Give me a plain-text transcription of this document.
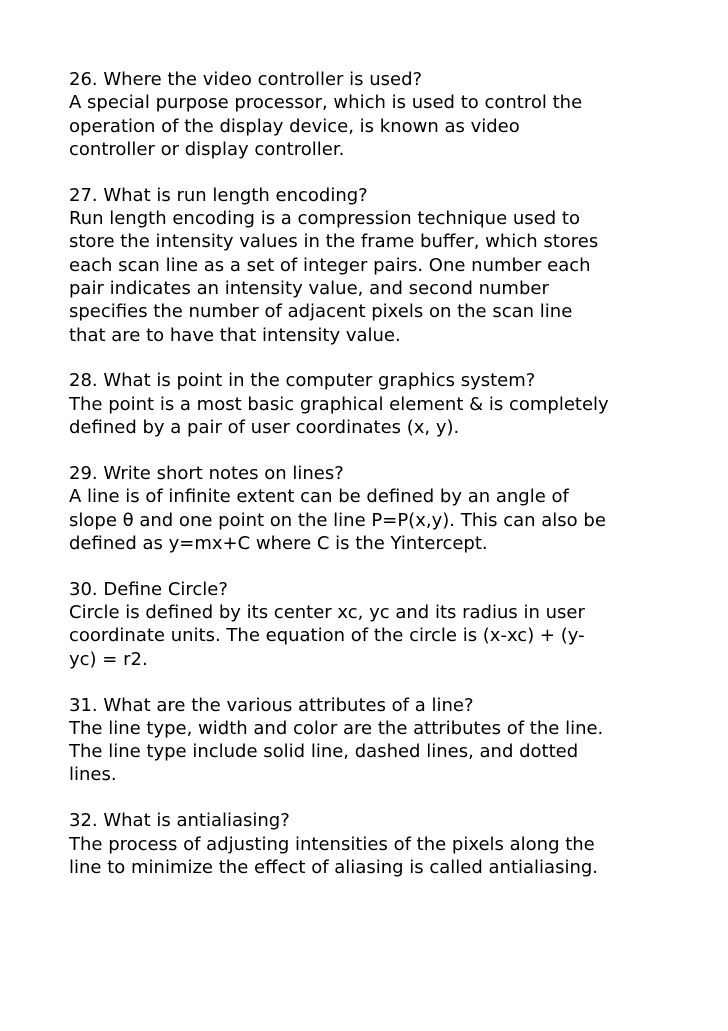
26. Where the video controller is used?

A special purpose processor, which is used to control the
operation of the display device, is known as video
controller or display controller.

27. What is run length encoding?

Run length encoding is a compression technique used to
store the intensity values in the frame buffer, which stores
each scan line as a set of integer pairs. One number each
pair indicates an intensity value, and second number
specifies the number of adjacent pixels on the scan line
that are to have that intensity value.

28. What is point in the computer graphics system?

The point is a most basic graphical element & is completely
defined by a pair of user coordinates (x, y).

29. Write short notes on lines?

A line is of infinite extent can be defined by an angle of
slope θ and one point on the line P=P(x,y). This can also be
defined as y=mx+C where C is the Yintercept.

30. Define Circle?

Circle is defined by its center xc, yc and its radius in user
coordinate units. The equation of the circle is (x-xc) + (y-
yc) = r2.

31. What are the various attributes of a line?

The line type, width and color are the attributes of the line.
The line type include solid line, dashed lines, and dotted
lines.

32. What is antialiasing?

The process of adjusting intensities of the pixels along the
line to minimize the effect of aliasing is called antialiasing.
